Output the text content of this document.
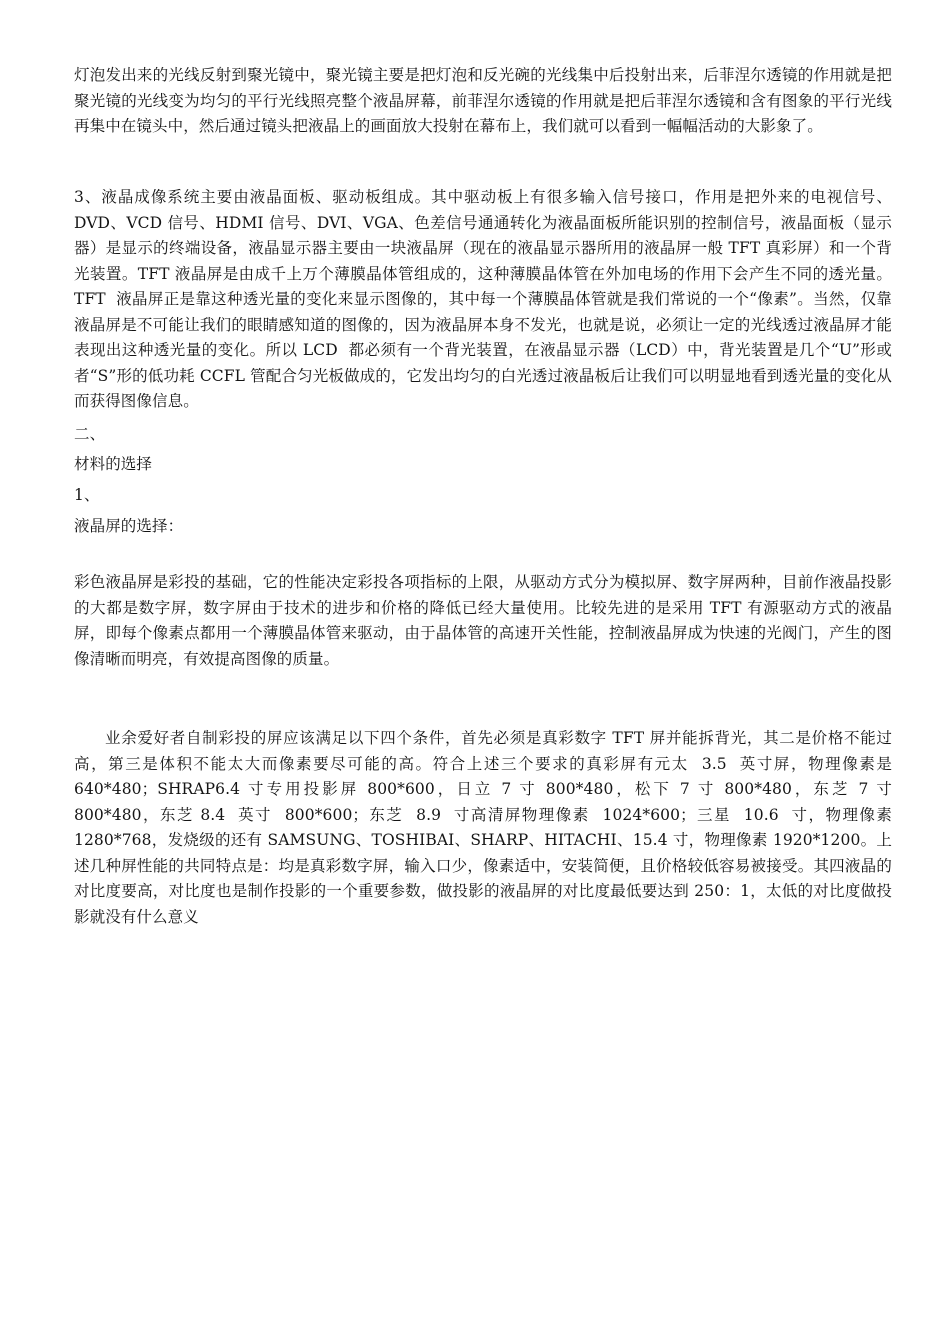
灯泡发出来的光线反射到聚光镜中，聚光镜主要是把灯泡和反光碗的光线集中后投射出来，后菲涅尔透镜的作用就是把聚光镜的光线变为均匀的平行光线照亮整个液晶屏幕，前菲涅尔透镜的作用就是把后菲涅尔透镜和含有图象的平行光线再集中在镜头中，然后通过镜头把液晶上的画面放大投射在幕布上，我们就可以看到一幅幅活动的大影象了。

3、液晶成像系统主要由液晶面板、驱动板组成。其中驱动板上有很多输入信号接口，作用是把外来的电视信号、DVD、VCD 信号、HDMI 信号、DVI、VGA、色差信号通通转化为液晶面板所能识别的控制信号，液晶面板（显示器）是显示的终端设备，液晶显示器主要由一块液晶屏（现在的液晶显示器所用的液晶屏一般 TFT 真彩屏）和一个背光装置。TFT 液晶屏是由成千上万个薄膜晶体管组成的，这种薄膜晶体管在外加电场的作用下会产生不同的透光量。TFT  液晶屏正是靠这种透光量的变化来显示图像的，其中每一个薄膜晶体管就是我们常说的一个“像素”。当然，仅靠液晶屏是不可能让我们的眼睛感知道的图像的，因为液晶屏本身不发光，也就是说，必须让一定的光线透过液晶屏才能表现出这种透光量的变化。所以 LCD  都必须有一个背光装置，在液晶显示器（LCD）中，背光装置是几个“U”形或者“S”形的低功耗 CCFL 管配合匀光板做成的，它发出均匀的白光透过液晶板后让我们可以明显地看到透光量的变化从而获得图像信息。

二、

材料的选择

1、

液晶屏的选择：

彩色液晶屏是彩投的基础，它的性能决定彩投各项指标的上限，从驱动方式分为模拟屏、数字屏两种，目前作液晶投影的大都是数字屏，数字屏由于技术的进步和价格的降低已经大量使用。比较先进的是采用 TFT 有源驱动方式的液晶屏，即每个像素点都用一个薄膜晶体管来驱动，由于晶体管的高速开关性能，控制液晶屏成为快速的光阀门，产生的图像清晰而明亮，有效提高图像的质量。

业余爱好者自制彩投的屏应该满足以下四个条件，首先必须是真彩数字 TFT 屏并能拆背光，其二是价格不能过高，第三是体积不能太大而像素要尽可能的高。符合上述三个要求的真彩屏有元太  3.5  英寸屏，物理像素是 640*480；SHRAP6.4 寸专用投影屏 800*600，日立 7 寸 800*480，松下 7 寸 800*480，东芝 7 寸 800*480，东芝 8.4  英寸  800*600；东芝  8.9  寸高清屏物理像素  1024*600；三星  10.6  寸，物理像素  1280*768，发烧级的还有 SAMSUNG、TOSHIBAI、SHARP、HITACHI、15.4 寸，物理像素 1920*1200。上述几种屏性能的共同特点是：均是真彩数字屏，输入口少，像素适中，安装简便，且价格较低容易被接受。其四液晶的对比度要高，对比度也是制作投影的一个重要参数，做投影的液晶屏的对比度最低要达到 250：1，太低的对比度做投影就没有什么意义
